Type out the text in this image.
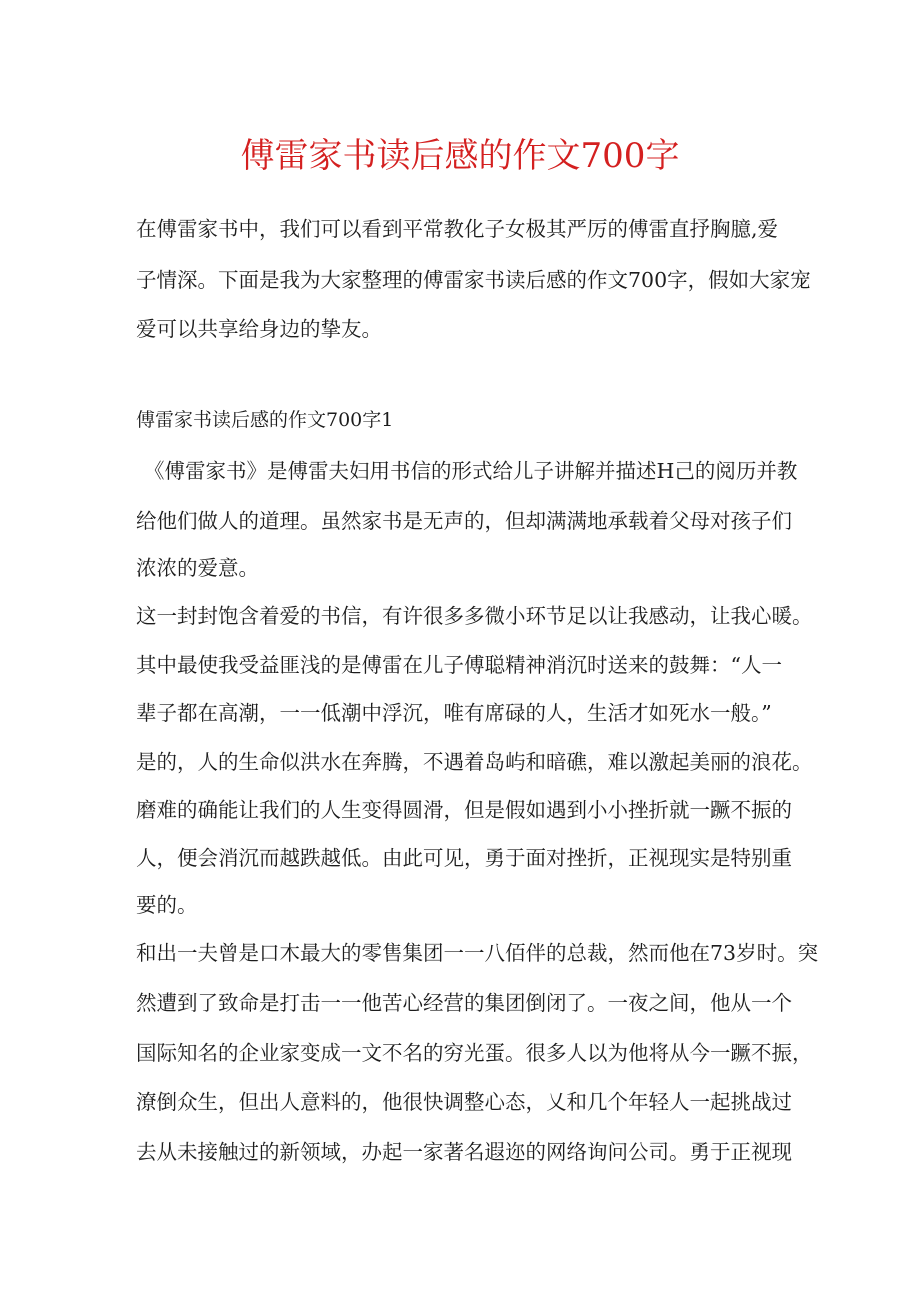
傅雷家书读后感的作文700字
在傅雷家书中，我们可以看到平常教化子女极其严厉的傅雷直抒胸臆,爱
子情深。下面是我为大家整理的傅雷家书读后感的作文700字，假如大家宠
爱可以共享给身边的挚友。
傅雷家书读后感的作文700字1
《傅雷家书》是傅雷夫妇用书信的形式给儿子讲解并描述H己的阅历并教
给他们做人的道理。虽然家书是无声的，但却满满地承载着父母对孩子们
浓浓的爱意。
这一封封饱含着爱的书信，有许很多多微小环节足以让我感动，让我心暖。
其中最使我受益匪浅的是傅雷在儿子傅聪精神消沉时送来的鼓舞：“人一
辈子都在高潮，一一低潮中浮沉，唯有席碌的人，生活才如死水一般。”
是的，人的生命似洪水在奔腾，不遇着岛屿和暗礁，难以激起美丽的浪花。
磨难的确能让我们的人生变得圆滑，但是假如遇到小小挫折就一蹶不振的
人，便会消沉而越跌越低。由此可见，勇于面对挫折，正视现实是特别重
要的。
和出一夫曾是口木最大的零售集团一一八佰伴的总裁，然而他在73岁时。突
然遭到了致命是打击一一他苦心经营的集团倒闭了。一夜之间，他从一个
国际知名的企业家变成一文不名的穷光蛋。很多人以为他将从今一蹶不振，
潦倒众生，但出人意料的，他很快调整心态，乂和几个年轻人一起挑战过
去从未接触过的新领域，办起一家著名遐迩的网络询问公司。勇于正视现
